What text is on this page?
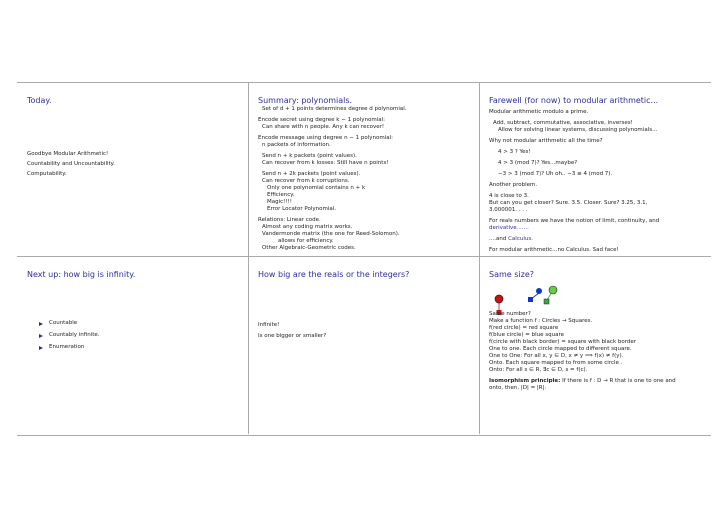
Today.

Goodbye Modular Arithmetic!

Countability and Uncountability.

Computability.

Summary: polynomials.

Set of d + 1 points determines degree d polynomial.

Encode secret using degree k − 1 polynomial:

Can share with n people. Any k can recover!

Encode message using degree n − 1 polynomial:

n packets of information.

Send n + k packets (point values).

Can recover from k losses: Still have n points!

Send n + 2k packets (point values).

Can recover from k corruptions.

Only one polynomial contains n + k

Efficiency.

Magic!!!!

Error Locator Polynomial.

Relations: Linear code.

Almost any coding matrix works.

Vandermonde matrix (the one for Reed-Solomon).

allows for efficiency.

Other Algebraic-Geometric codes.

Farewell (for now) to modular arithmetic...

Modular arithmetic modulo a prime.

Add, subtract, commutative, associative, inverses!

Allow for solving linear systems, discussing polynomials...

Why not modular arithmetic all the time?

4 > 3 ? Yes!

4 > 3 (mod 7)? Yes...maybe?

−3 > 3 (mod 7)? Uh oh.. −3 ≡ 4 (mod 7).

Another problem.

4 is close to 3.

But can you get closer? Sure. 3.5. Closer. Sure? 3.25, 3.1,

3.000001. . . .

For reals numbers we have the notion of limit, continuity, and

derivative.......

....and Calculus.

For modular arithmetic...no Calculus. Sad face!

Next up: how big is infinity.
Countable
Countably infinite.
Enumeration
How big are the reals or the integers?

Infinite!

Is one bigger or smaller?

Same size?

Same number?

Make a function f : Circles → Squares.

f(red circle) = red square

f(blue circle) = blue square

f(circle with black border) = square with black border

One to one. Each circle mapped to different square.

One to One: For all x, y ∈ D, x ≠ y ⟹ f(x) ≠ f(y).

Onto. Each square mapped to from some circle .

Onto: For all s ∈ R, ∃c ∈ D, s = f(c).

Isomorphism principle: If there is f : D → R that is one to one and

onto, then, |D| = |R|.
